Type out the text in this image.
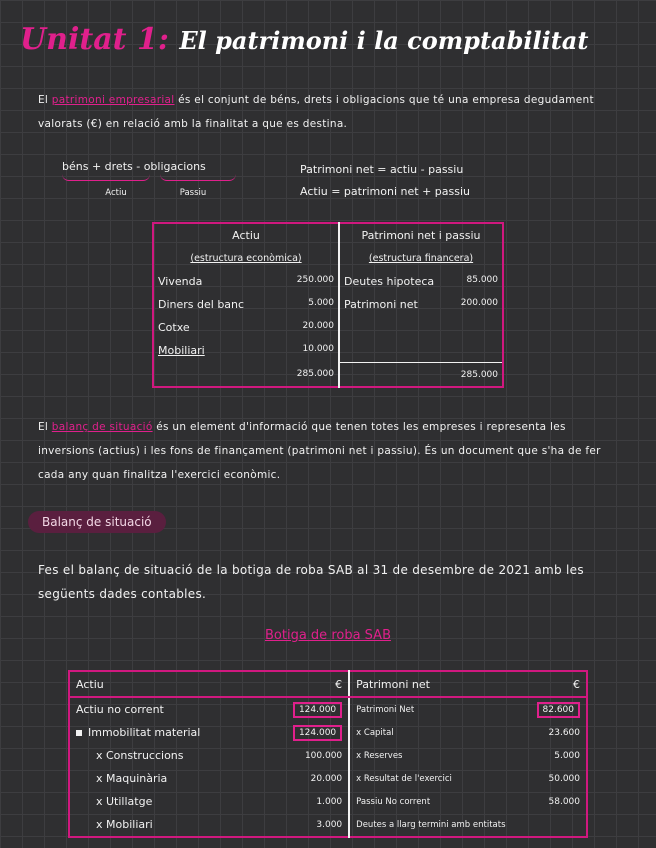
Unitat 1: El patrimoni i la comptabilitat
El patrimoni empresarial és el conjunt de béns, drets i obligacions que té una empresa degudament valorats (€) en relació amb la finalitat a que es destina.
béns + drets - obligacions
Actiu	Passiu
Patrimoni net = actiu - passiu
Actiu = patrimoni net + passiu
Actiu	Patrimoni net i passiu
(estructura econòmica)	(estructura financera)
Vivenda 250.000	Deutes hipoteca 85.000

Diners del banc 5.000	Patrimoni net 200.000

Cotxe 20.000	

Mobiliari 10.000	

285.000	285.000
El balanç de situació és un element d'informació que tenen totes les empreses i representa les inversions (actius) i les fons de finançament (patrimoni net i passiu). És un document que s'ha de fer cada any quan finalitza l'exercici econòmic.
Balanç de situació
Fes el balanç de situació de la botiga de roba SAB al 31 de desembre de 2021 amb les següents dades contables.
Botiga de roba SAB
Actiu €		Patrimoni net €	

Actiu no corrent	124.000	Patrimoni Net	82.600
Immobilitat material	124.000	x Capital	23.600
x Construccions	100.000	x Reserves	5.000
x Maquinària	20.000	x Resultat de l'exercici	50.000
x Utillatge	1.000	Passiu No corrent	58.000
x Mobiliari	3.000	Deutes a llarg termini amb entitats	
